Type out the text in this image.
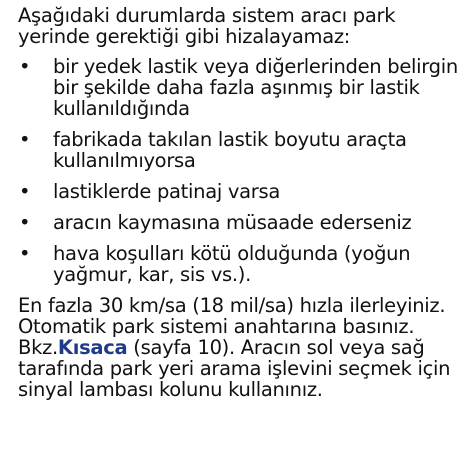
Aşağıdaki durumlarda sistem aracı park yerinde gerektiği gibi hizalayamaz:

• bir yedek lastik veya diğerlerinden belirgin bir şekilde daha fazla aşınmış bir lastik kullanıldığında
• fabrikada takılan lastik boyutu araçta kullanılmıyorsa
• lastiklerde patinaj varsa
• aracın kaymasına müsaade ederseniz
• hava koşulları kötü olduğunda (yoğun yağmur, kar, sis vs.).

En fazla 30 km/sa (18 mil/sa) hızla ilerleyiniz. Otomatik park sistemi anahtarına basınız. Bkz.Kısaca (sayfa 10). Aracın sol veya sağ tarafında park yeri arama işlevini seçmek için sinyal lambası kolunu kullanınız.
